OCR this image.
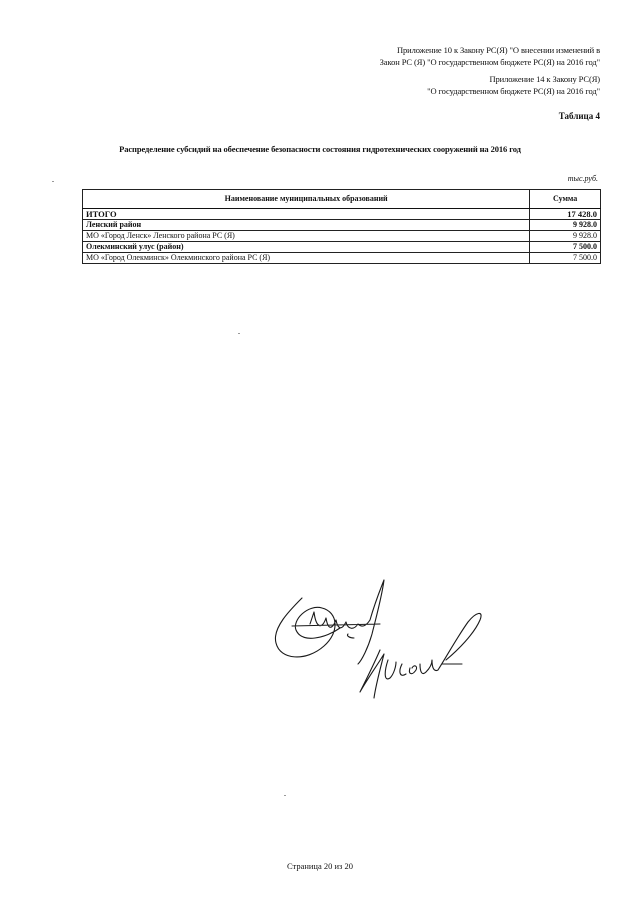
Приложение 10 к Закону РС(Я) "О внесении изменений в
Закон РС (Я) "О государственном бюджете РС(Я) на 2016 год"
Приложение 14 к Закону РС(Я)
"О государственном бюджете РС(Я) на 2016 год"
Таблица 4
Распределение субсидий на обеспечение безопасности состояния гидротехнических сооружений на 2016 год
тыс.руб.
Наименование муниципальных образований	Сумма
ИТОГО	17 428.0
Ленский район	9 928.0
МО «Город Ленск» Ленского района РС (Я)	9 928.0
Олекминский улус (район)	7 500.0
МО «Город Олекминск» Олекминского района РС (Я)	7 500.0
Страница 20 из 20
